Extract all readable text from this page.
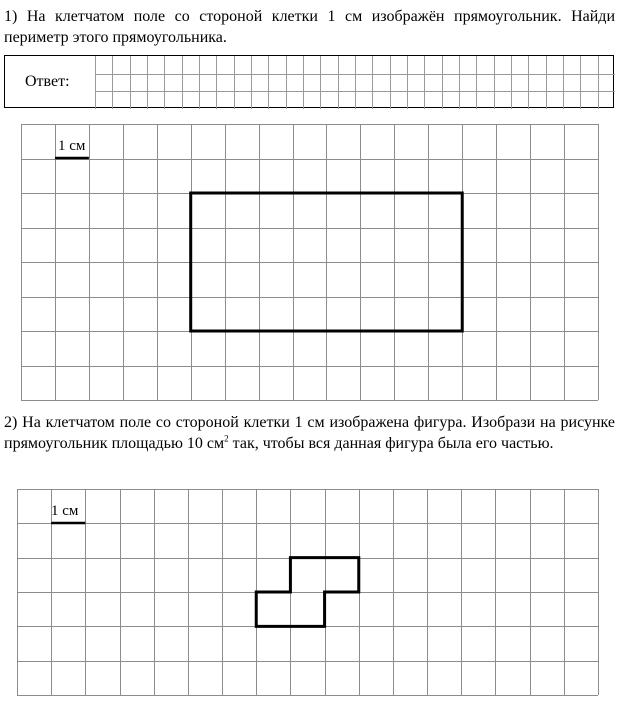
1) На клетчатом поле со стороной клетки 1 см изображён прямоугольник. Найди периметр этого прямоугольника.

Ответ:
1 см

2) На клетчатом поле со стороной клетки 1 см изображена фигура. Изобрази на рисунке прямоугольник площадью 10 $см^2$ так, чтобы вся данная фигура была его частью.

1 см
